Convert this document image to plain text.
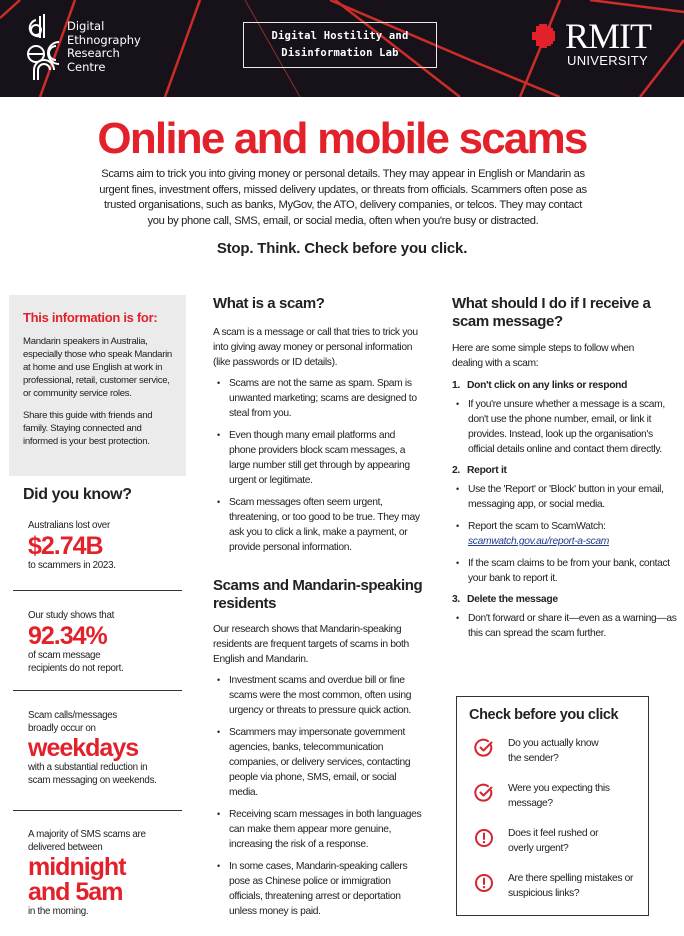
Digital
Ethnography
Research
Centre
Digital Hostility and
Disinformation Lab	RMIT
UNIVERSITY
Online and mobile scams

Scams aim to trick you into giving money or personal details. They may appear in English or Mandarin as urgent fines, investment offers, missed delivery updates, or threats from officials. Scammers often pose as trusted organisations, such as banks, MyGov, the ATO, delivery companies, or telcos. They may contact you by phone call, SMS, email, or social media, often when you're busy or distracted.

Stop. Think. Check before you click.
This information is for:

Mandarin speakers in Australia, especially those who speak Mandarin at home and use English at work in professional, retail, customer service, or community service roles.

Share this guide with friends and family. Staying connected and informed is your best protection.

Did you know?
Australians lost over
$2.74B
to scammers in 2023.
Our study shows that
92.34%
of scam message recipients do not report.
Scam calls/messages broadly occur on
weekdays
with a substantial reduction in scam messaging on weekends.
A majority of SMS scams are delivered between
midnight and 5am
in the morning.
What is a scam?

A scam is a message or call that tries to trick you into giving away money or personal information (like passwords or ID details).

• Scams are not the same as spam. Spam is unwanted marketing; scams are designed to steal from you.
• Even though many email platforms and phone providers block scam messages, a large number still get through by appearing urgent or legitimate.
• Scam messages often seem urgent, threatening, or too good to be true. They may ask you to click a link, make a payment, or provide personal information.
Scams and Mandarin-speaking residents

Our research shows that Mandarin-speaking residents are frequent targets of scams in both English and Mandarin.

• Investment scams and overdue bill or fine scams were the most common, often using urgency or threats to pressure quick action.
• Scammers may impersonate government agencies, banks, telecommunication companies, or delivery services, contacting people via phone, SMS, email, or social media.
• Receiving scam messages in both languages can make them appear more genuine, increasing the risk of a response.
• In some cases, Mandarin-speaking callers pose as Chinese police or immigration officials, threatening arrest or deportation unless money is paid.
What should I do if I receive a scam message?

Here are some simple steps to follow when dealing with a scam:

1. Don't click on any links or respond
• If you're unsure whether a message is a scam, don't use the phone number, email, or link it provides. Instead, look up the organisation's official details online and contact them directly.
2. Report it
• Use the 'Report' or 'Block' button in your email, messaging app, or social media.
• Report the scam to ScamWatch:
scamwatch.gov.au/report-a-scam
• If the scam claims to be from your bank, contact your bank to report it.
3. Delete the message
• Don't forward or share it—even as a warning—as this can spread the scam further.
Check before you click
Do you actually know the sender?
Were you expecting this message?
Does it feel rushed or overly urgent?
Are there spelling mistakes or suspicious links?
